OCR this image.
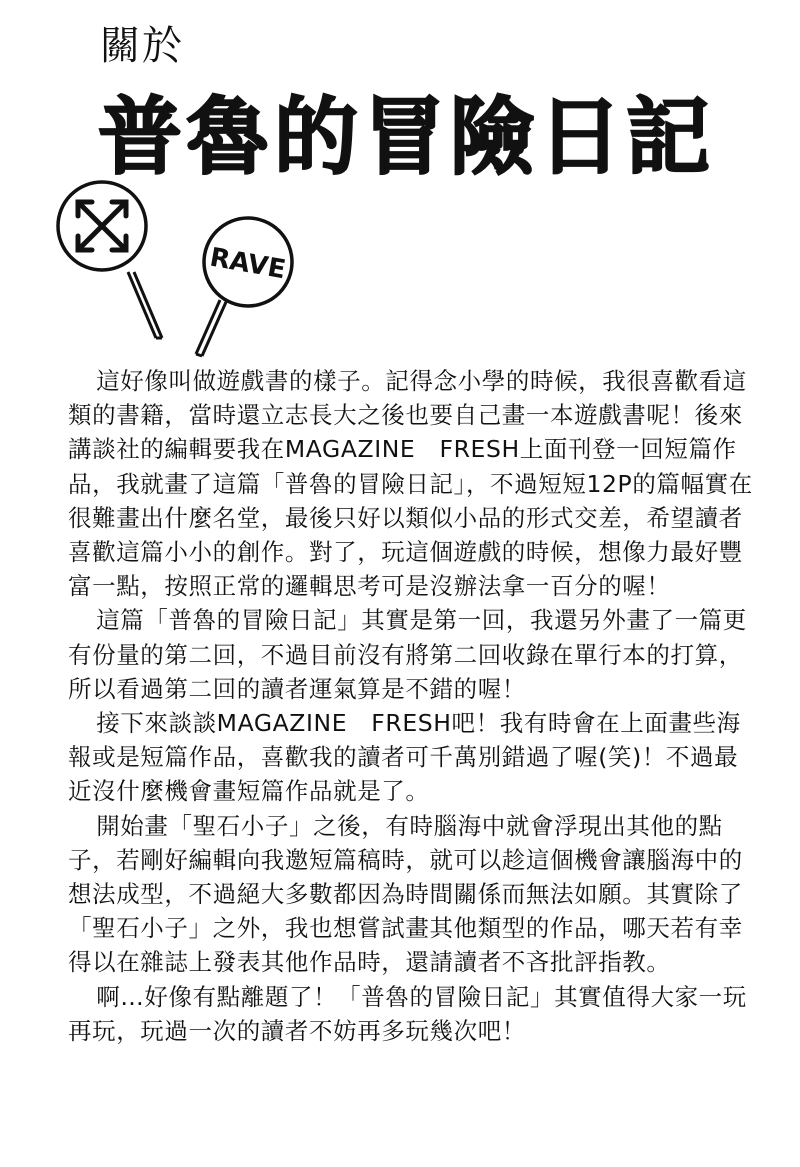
關於
普魯的冒險日記
RAVE

這好像叫做遊戲書的樣子。記得念小學的時候，我很喜歡看這類的書籍，當時還立志長大之後也要自己畫一本遊戲書呢！後來講談社的編輯要我在MAGAZINE　FRESH上面刊登一回短篇作品，我就畫了這篇「普魯的冒險日記」，不過短短12P的篇幅實在很難畫出什麼名堂，最後只好以類似小品的形式交差，希望讀者喜歡這篇小小的創作。對了，玩這個遊戲的時候，想像力最好豐富一點，按照正常的邏輯思考可是沒辦法拿一百分的喔！

這篇「普魯的冒險日記」其實是第一回，我還另外畫了一篇更有份量的第二回，不過目前沒有將第二回收錄在單行本的打算，所以看過第二回的讀者運氣算是不錯的喔！

接下來談談MAGAZINE　FRESH吧！我有時會在上面畫些海報或是短篇作品，喜歡我的讀者可千萬別錯過了喔(笑)！不過最近沒什麼機會畫短篇作品就是了。

開始畫「聖石小子」之後，有時腦海中就會浮現出其他的點子，若剛好編輯向我邀短篇稿時，就可以趁這個機會讓腦海中的想法成型，不過絕大多數都因為時間關係而無法如願。其實除了「聖石小子」之外，我也想嘗試畫其他類型的作品，哪天若有幸得以在雜誌上發表其他作品時，還請讀者不吝批評指教。

啊…好像有點離題了！「普魯的冒險日記」其實值得大家一玩再玩，玩過一次的讀者不妨再多玩幾次吧！
